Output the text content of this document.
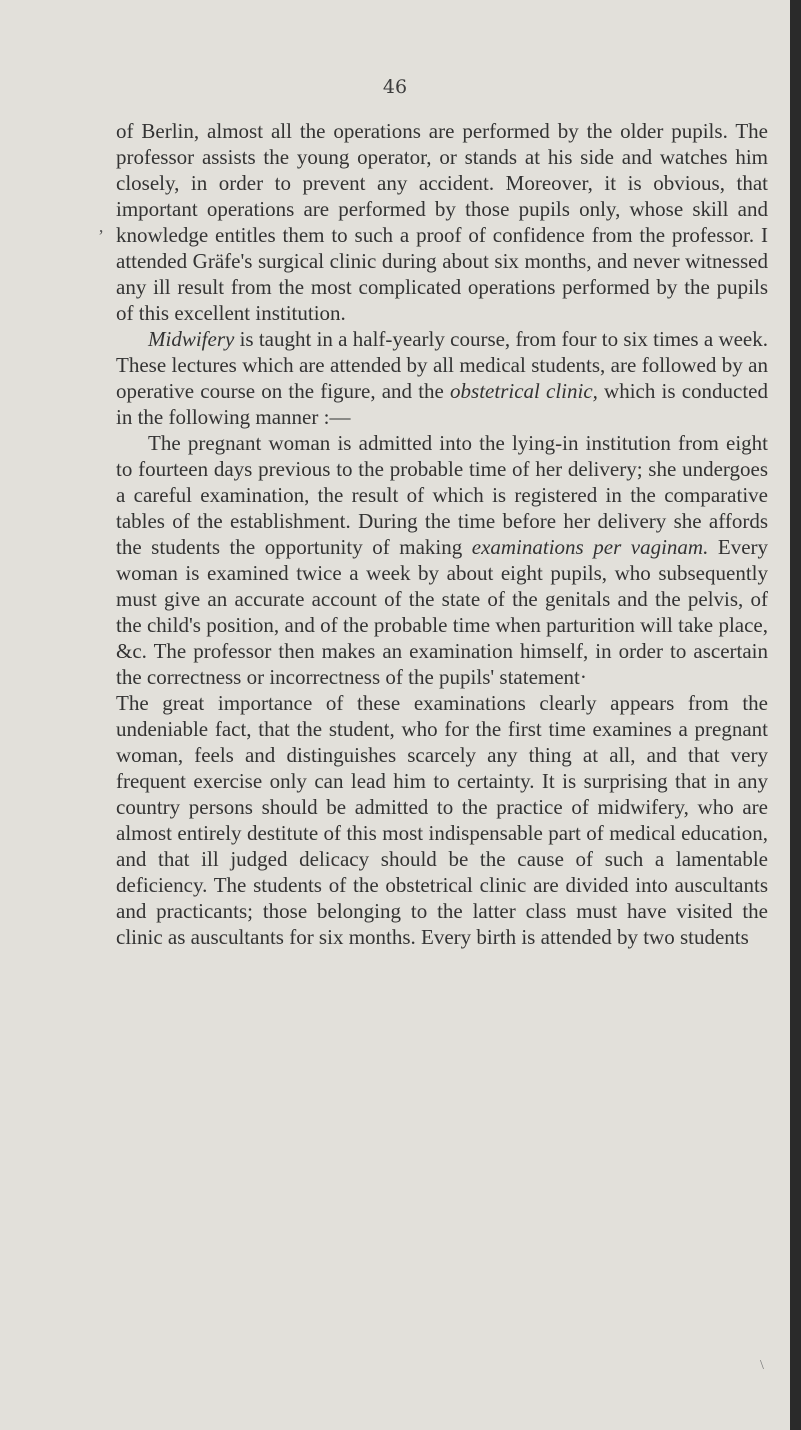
46
’

of Berlin, almost all the operations are performed by the older pupils. The professor assists the young operator, or stands at his side and watches him closely, in order to prevent any accident. Moreover, it is obvious, that important operations are performed by those pupils only, whose skill and knowledge entitles them to such a proof of confidence from the professor. I attended Gräfe's surgical clinic during about six months, and never witnessed any ill result from the most complicated operations performed by the pupils of this excellent institution.

Midwifery is taught in a half-yearly course, from four to six times a week. These lectures which are attended by all medical students, are followed by an operative course on the figure, and the obstetrical clinic, which is conducted in the following manner :—

The pregnant woman is admitted into the lying-in institution from eight to fourteen days previous to the probable time of her delivery; she undergoes a careful examination, the result of which is registered in the comparative tables of the establishment. During the time before her delivery she affords the students the opportunity of making examinations per vaginam. Every woman is examined twice a week by about eight pupils, who subsequently must give an accurate account of the state of the genitals and the pelvis, of the child's position, and of the probable time when parturition will take place, &c. The professor then makes an examination himself, in order to ascertain the correctness or incorrectness of the pupils' statement·

The great importance of these examinations clearly appears from the undeniable fact, that the student, who for the first time examines a pregnant woman, feels and distinguishes scarcely any thing at all, and that very frequent exercise only can lead him to certainty. It is surprising that in any country persons should be admitted to the practice of midwifery, who are almost entirely destitute of this most indispensable part of medical education, and that ill judged delicacy should be the cause of such a lamentable deficiency. The students of the obstetrical clinic are divided into auscultants and practicants; those belonging to the latter class must have visited the clinic as auscultants for six months. Every birth is attended by two students

\
